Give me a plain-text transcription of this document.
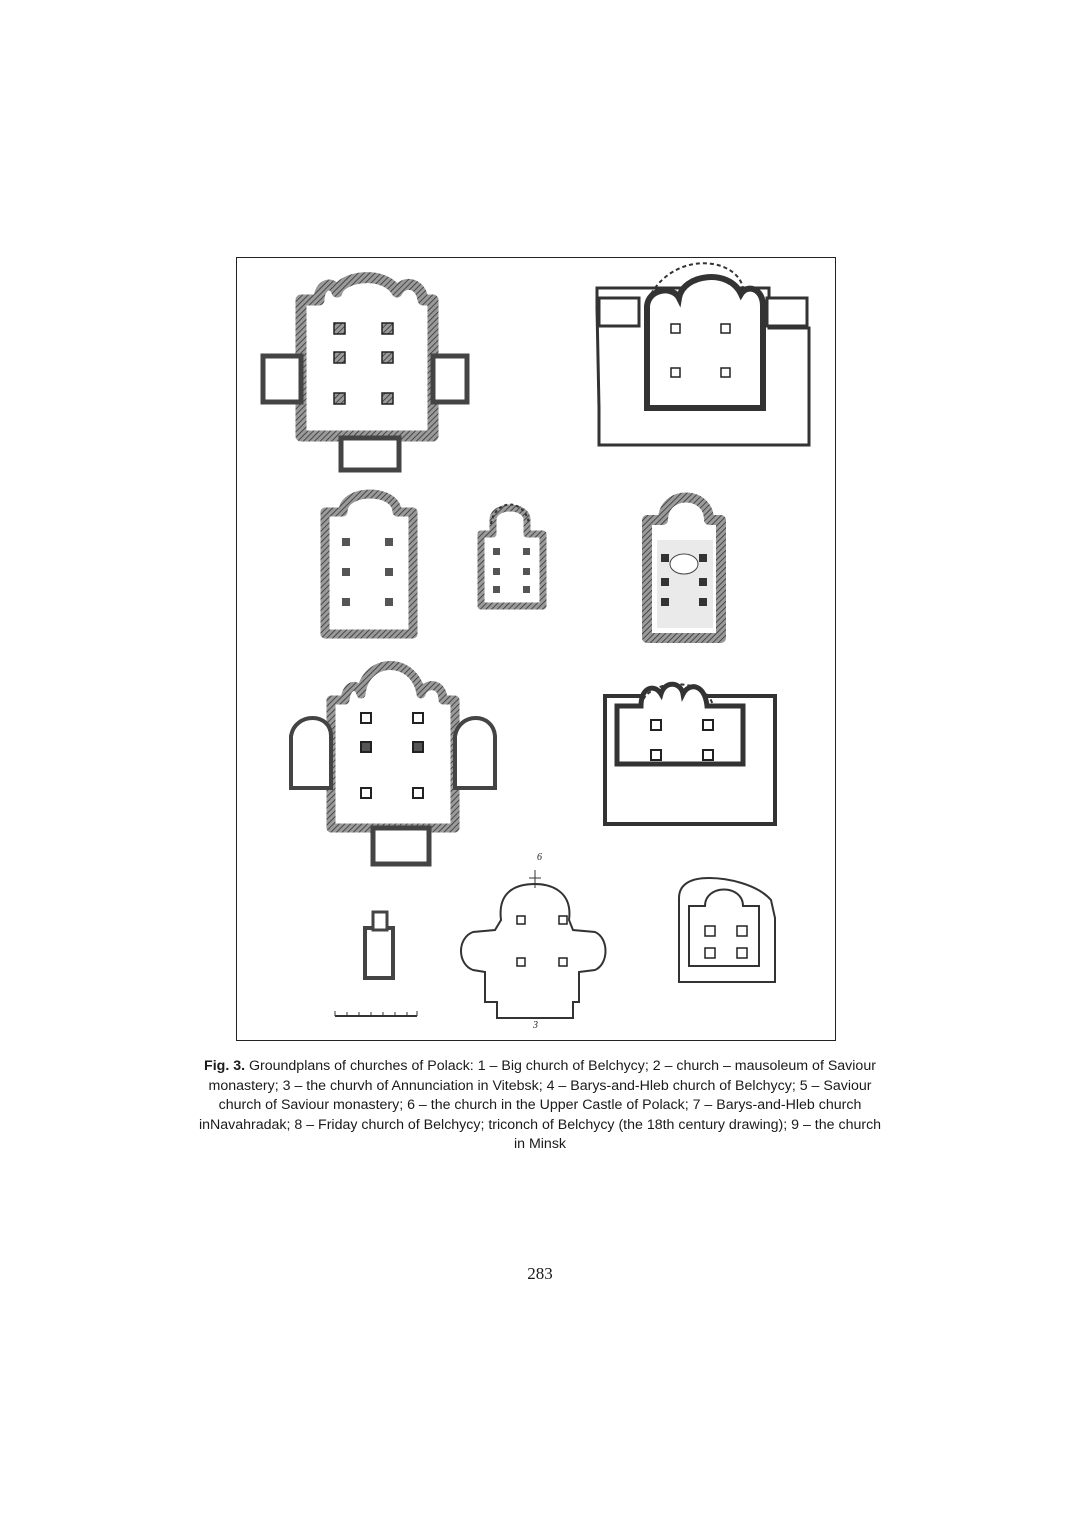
6
3
Fig. 3. Groundplans of churches of Polack: 1 – Big church of Belchycy; 2 – church – mausoleum of Saviour monastery; 3 – the churvh of Annunciation in Vitebsk; 4 – Barys-and-Hleb church of Belchycy; 5 – Saviour church of Saviour monastery; 6 – the church in the Upper Castle of Polack; 7 – Barys-and-Hleb church inNavahradak; 8 – Friday church of Belchycy; triconch of Belchycy (the 18th century drawing); 9 – the church in Minsk
283
